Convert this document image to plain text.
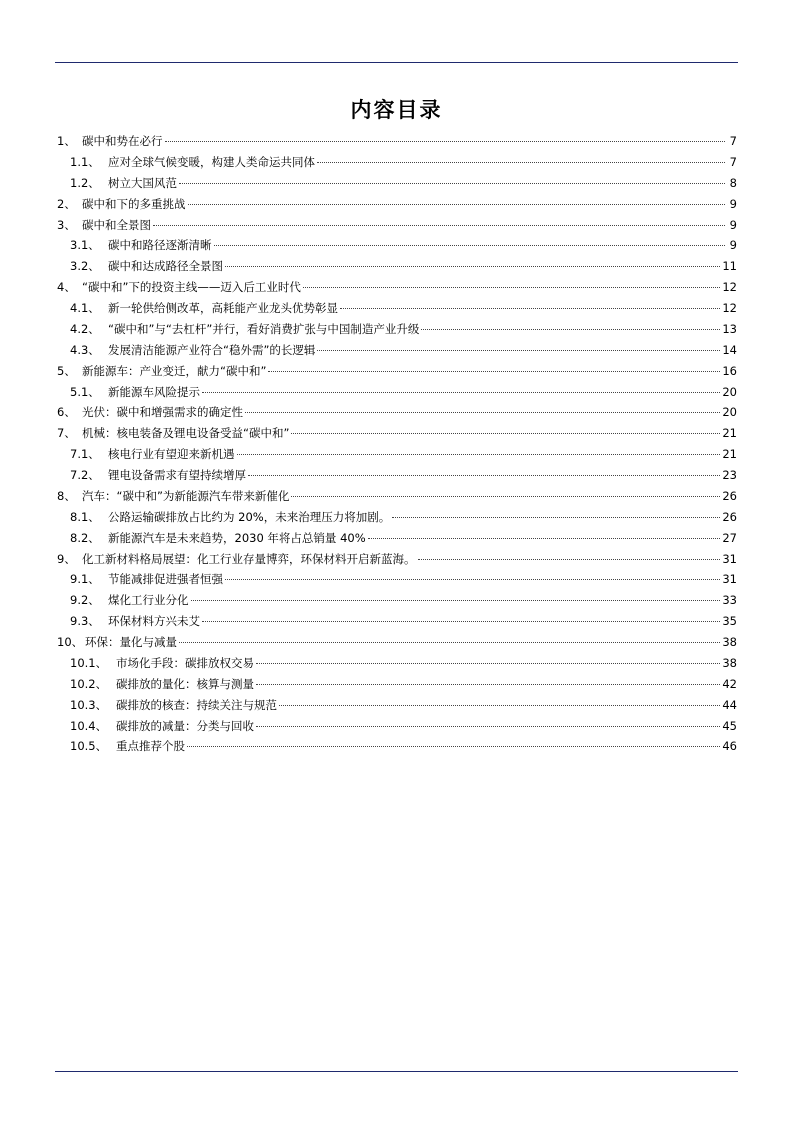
内容目录
1、 碳中和势在必行	7
1.1、 应对全球气候变暖，构建人类命运共同体	7
1.2、 树立大国风范	8
2、 碳中和下的多重挑战	9
3、 碳中和全景图	9
3.1、 碳中和路径逐渐清晰	9
3.2、 碳中和达成路径全景图	11
4、 “碳中和”下的投资主线——迈入后工业时代	12
4.1、 新一轮供给侧改革，高耗能产业龙头优势彰显	12
4.2、 “碳中和”与“去杠杆”并行，看好消费扩张与中国制造产业升级	13
4.3、 发展清洁能源产业符合“稳外需”的长逻辑	14
5、 新能源车：产业变迁，献力“碳中和”	16
5.1、 新能源车风险提示	20
6、 光伏：碳中和增强需求的确定性	20
7、 机械：核电装备及锂电设备受益“碳中和”	21
7.1、 核电行业有望迎来新机遇	21
7.2、 锂电设备需求有望持续增厚	23
8、 汽车：“碳中和”为新能源汽车带来新催化	26
8.1、 公路运输碳排放占比约为 20%，未来治理压力将加剧。	26
8.2、 新能源汽车是未来趋势，2030 年将占总销量 40%	27
9、 化工新材料格局展望：化工行业存量博弈，环保材料开启新蓝海。	31
9.1、 节能减排促进强者恒强	31
9.2、 煤化工行业分化	33
9.3、 环保材料方兴未艾	35
10、 环保：量化与减量	38
10.1、 市场化手段：碳排放权交易	38
10.2、 碳排放的量化：核算与测量	42
10.3、 碳排放的核查：持续关注与规范	44
10.4、 碳排放的减量：分类与回收	45
10.5、 重点推荐个股	46
